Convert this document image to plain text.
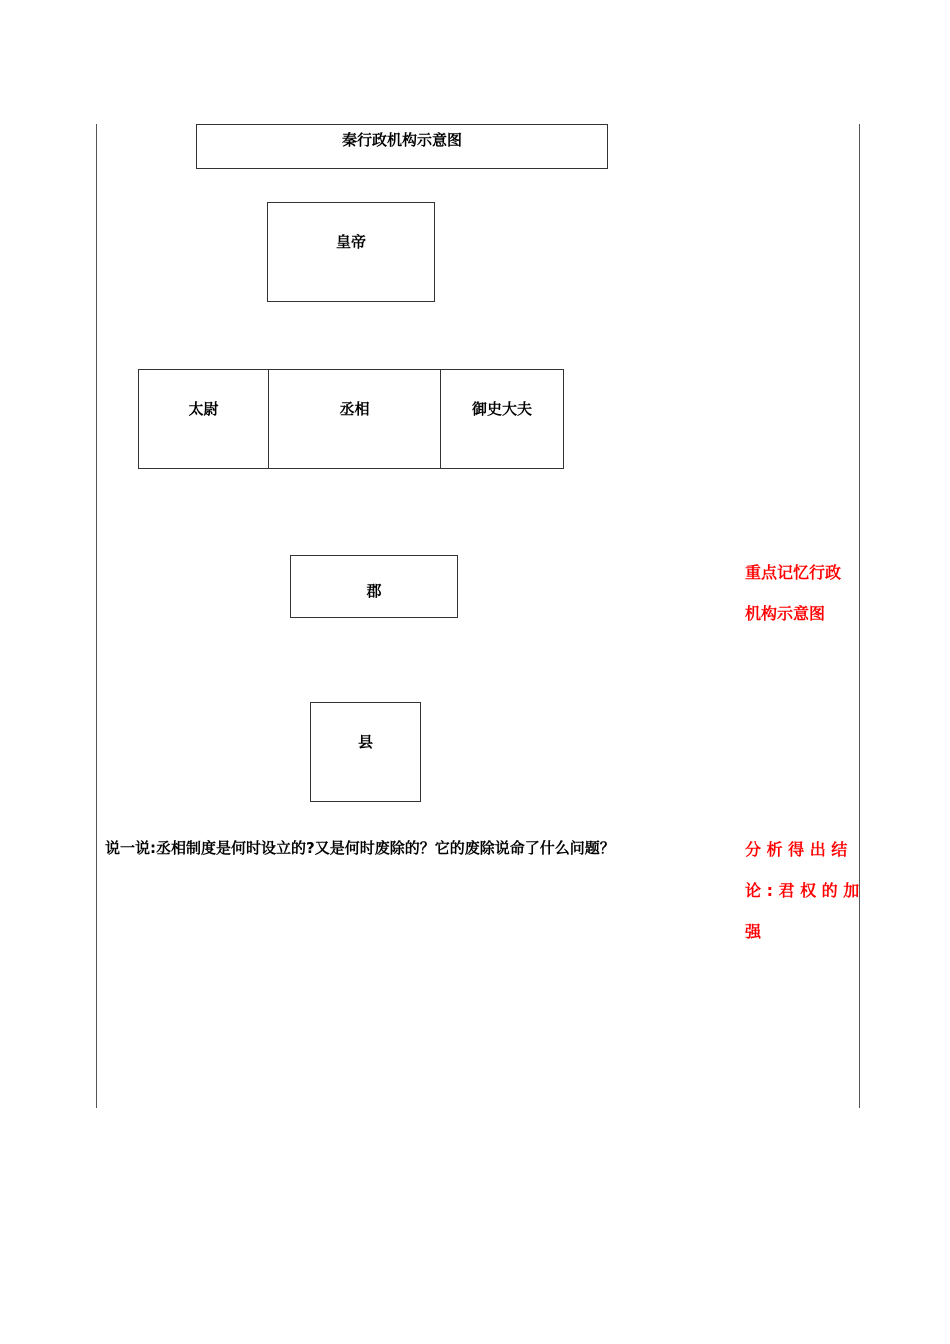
秦行政机构示意图
皇帝
太尉	丞相	御史大夫
郡
县
说一说:丞相制度是何时设立的?又是何时废除的？它的废除说命了什么问题？
重点记忆行政
机构示意图
分 析 得 出 结
论 : 君 权 的 加
强
